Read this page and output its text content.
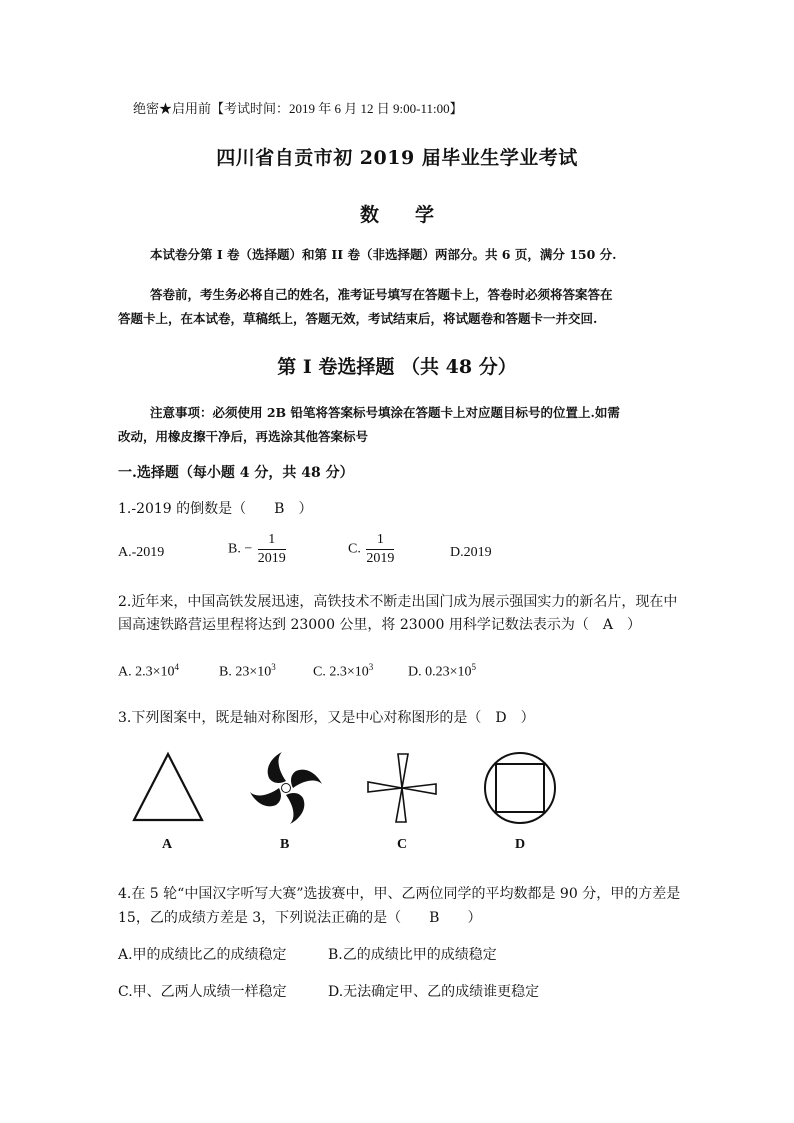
绝密★启用前【考试时间：2019 年 6 月 12 日 9:00-11:00】
四川省自贡市初 2019 届毕业生学业考试
数 学
本试卷分第 I 卷（选择题）和第 II 卷（非选择题）两部分。共 6 页，满分 150 分.
答卷前，考生务必将自己的姓名，准考证号填写在答题卡上，答卷时必须将答案答在
答题卡上，在本试卷，草稿纸上，答题无效，考试结束后，将试题卷和答题卡一并交回.
第 I 卷选择题 （共 48 分）
注意事项：必须使用 2B 铅笔将答案标号填涂在答题卡上对应题目标号的位置上.如需
改动，用橡皮擦干净后，再选涂其他答案标号
一.选择题（每小题 4 分，共 48 分）
1.-2019 的倒数是（　　B　）
A.-2019	B. − $\frac{1}{2019}$	C. $\frac{1}{2019}$	D.2019
2.近年来，中国高铁发展迅速，高铁技术不断走出国门成为展示强国实力的新名片，现在中
国高速铁路营运里程将达到 23000 公里，将 23000 用科学记数法表示为（　A　）
A. $2.3\times 10^4$	B. $23\times 10^3$	C. $2.3\times 10^3$ D. $0.23\times 10^5$
3.下列图案中，既是轴对称图形，又是中心对称图形的是（　D　）
A	B	C	D
4.在 5 轮“中国汉字听写大赛”选拔赛中，甲、乙两位同学的平均数都是 90 分，甲的方差是
15，乙的成绩方差是 3，下列说法正确的是（　　B　　）
A.甲的成绩比乙的成绩稳定	B.乙的成绩比甲的成绩稳定
C.甲、乙两人成绩一样稳定	D.无法确定甲、乙的成绩谁更稳定
